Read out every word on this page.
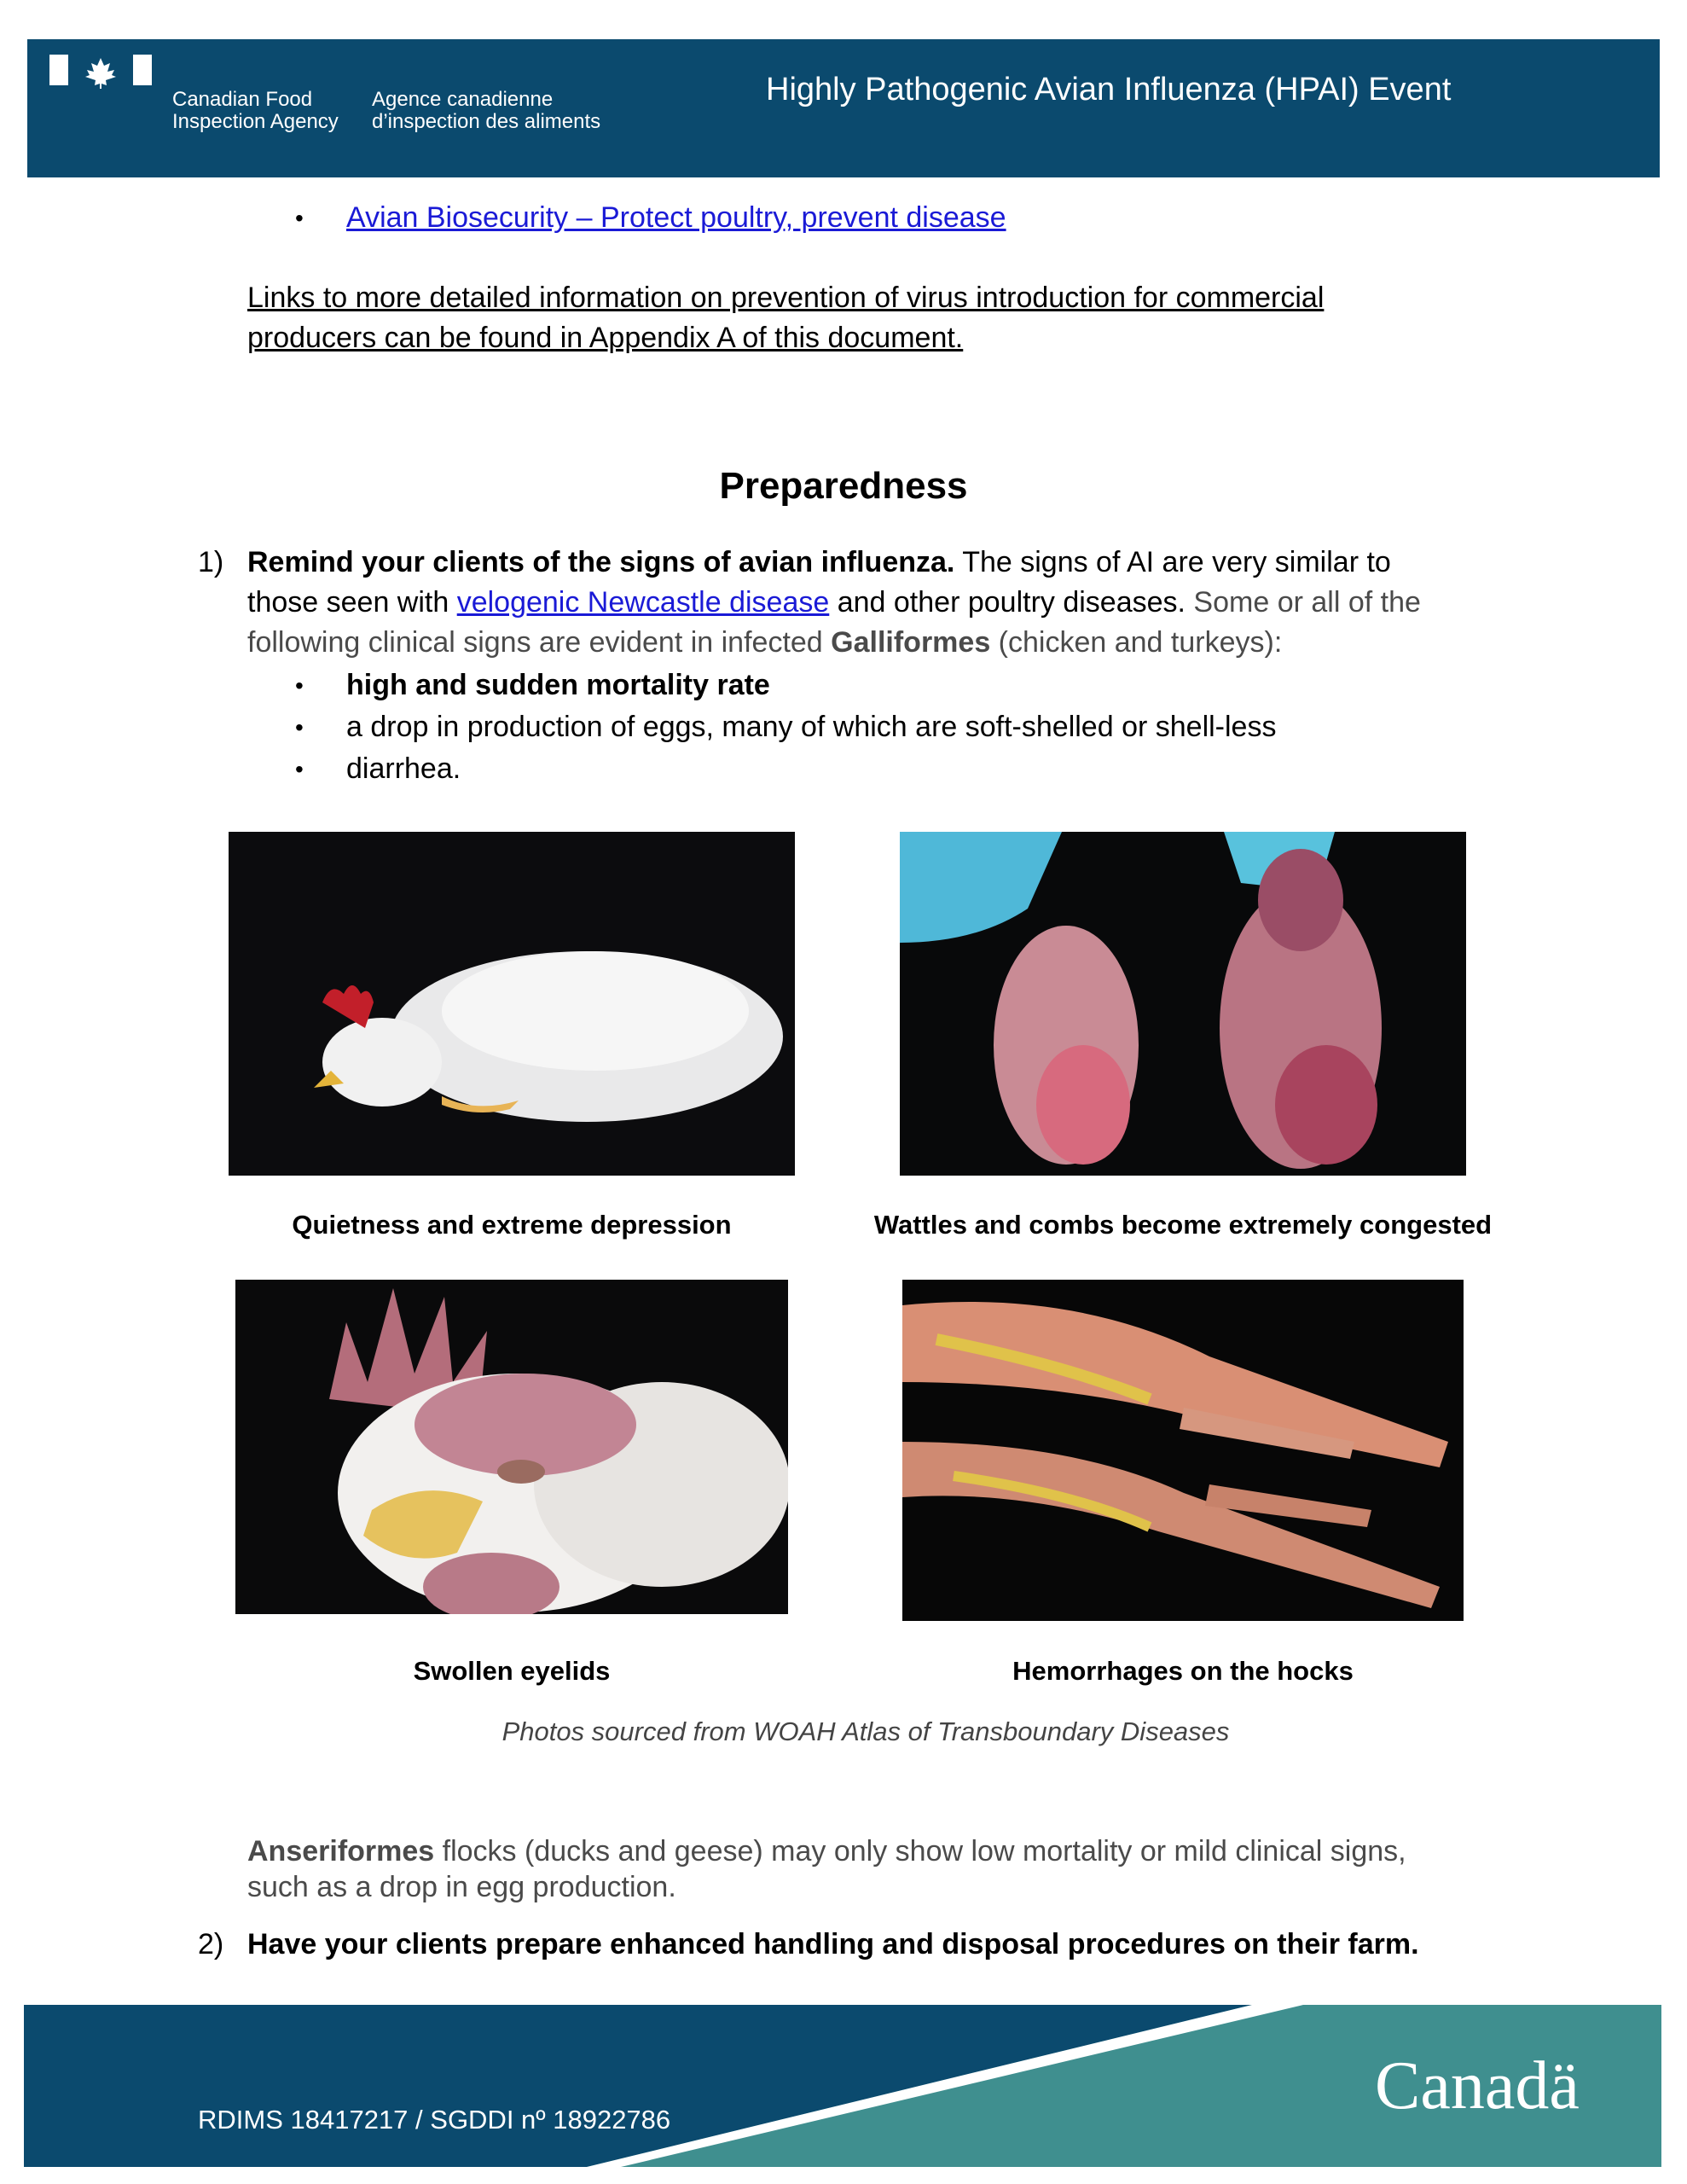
Canadian Food
Inspection Agency
Agence canadienne
d’inspection des aliments
Highly Pathogenic Avian Influenza (HPAI) Event
• Avian Biosecurity – Protect poultry, prevent disease
Links to more detailed information on prevention of virus introduction for commercial
producers can be found in Appendix A of this document.
Preparedness
1) Remind your clients of the signs of avian influenza. The signs of AI are very similar to
those seen with velogenic Newcastle disease and other poultry diseases. Some or all of the
following clinical signs are evident in infected Galliformes (chicken and turkeys):
• high and sudden mortality rate
• a drop in production of eggs, many of which are soft-shelled or shell-less
• diarrhea.
Quietness and extreme depression	Wattles and combs become extremely congested
Swollen eyelids	Hemorrhages on the hocks
Photos sourced from WOAH Atlas of Transboundary Diseases
Anseriformes flocks (ducks and geese) may only show low mortality or mild clinical signs,
such as a drop in egg production.
2) Have your clients prepare enhanced handling and disposal procedures on their farm.
RDIMS 18417217 / SGDDI nº 18922786	Canadä
